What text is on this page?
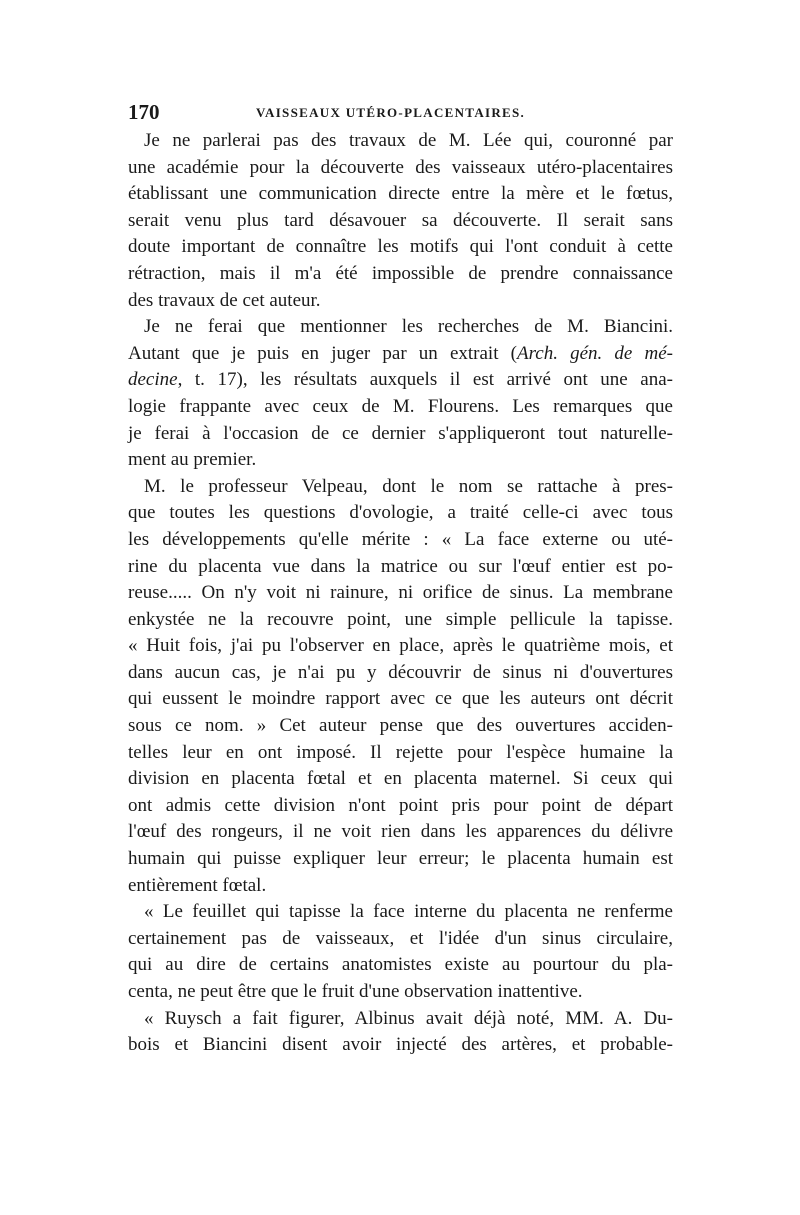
170	VAISSEAUX UTÉRO-PLACENTAIRES.
Je ne parlerai pas des travaux de M. Lée qui, couronné par
une académie pour la découverte des vaisseaux utéro-placentaires
établissant une communication directe entre la mère et le fœtus,
serait venu plus tard désavouer sa découverte. Il serait sans
doute important de connaître les motifs qui l'ont conduit à cette
rétraction, mais il m'a été impossible de prendre connaissance
des travaux de cet auteur.
Je ne ferai que mentionner les recherches de M. Biancini.
Autant que je puis en juger par un extrait (Arch. gén. de mé-
decine, t. 17), les résultats auxquels il est arrivé ont une ana-
logie frappante avec ceux de M. Flourens. Les remarques que
je ferai à l'occasion de ce dernier s'appliqueront tout naturelle-
ment au premier.
M. le professeur Velpeau, dont le nom se rattache à pres-
que toutes les questions d'ovologie, a traité celle-ci avec tous
les développements qu'elle mérite : « La face externe ou uté-
rine du placenta vue dans la matrice ou sur l'œuf entier est po-
reuse..... On n'y voit ni rainure, ni orifice de sinus. La membrane
enkystée ne la recouvre point, une simple pellicule la tapisse.
« Huit fois, j'ai pu l'observer en place, après le quatrième mois, et
dans aucun cas, je n'ai pu y découvrir de sinus ni d'ouvertures
qui eussent le moindre rapport avec ce que les auteurs ont décrit
sous ce nom. » Cet auteur pense que des ouvertures acciden-
telles leur en ont imposé. Il rejette pour l'espèce humaine la
division en placenta fœtal et en placenta maternel. Si ceux qui
ont admis cette division n'ont point pris pour point de départ
l'œuf des rongeurs, il ne voit rien dans les apparences du délivre
humain qui puisse expliquer leur erreur; le placenta humain est
entièrement fœtal.
« Le feuillet qui tapisse la face interne du placenta ne renferme
certainement pas de vaisseaux, et l'idée d'un sinus circulaire,
qui au dire de certains anatomistes existe au pourtour du pla-
centa, ne peut être que le fruit d'une observation inattentive.
« Ruysch a fait figurer, Albinus avait déjà noté, MM. A. Du-
bois et Biancini disent avoir injecté des artères, et probable-
